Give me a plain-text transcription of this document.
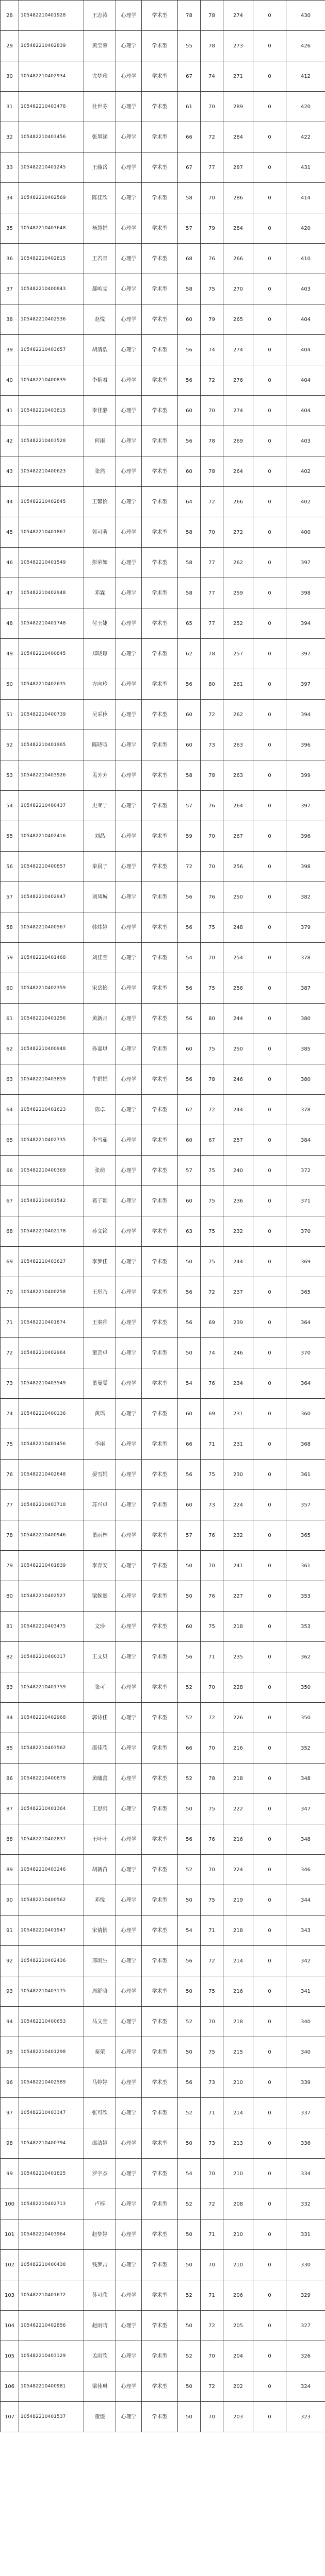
28	105482210401928	王志涛	心理学	学术型	78	78	274	0	430
29	105482210402839	黄宝蓉	心理学	学术型	55	78	273	0	426
30	105482210402934	尤梦雅	心理学	学术型	67	74	271	0	412
31	105482210403478	杜世芬	心理学	学术型	61	70	289	0	420
32	105482210403456	张墨涵	心理学	学术型	66	72	284	0	422
33	105482210401245	王藤岳	心理学	学术型	67	77	287	0	431
34	105482210402569	陈佳欣	心理学	学术型	58	70	286	0	414
35	105482210403648	杨慧娟	心理学	学术型	57	79	284	0	420
36	105482210402815	王若青	心理学	学术型	68	76	266	0	410
37	105482210400843	鄢屿雯	心理学	学术型	58	75	270	0	403
38	105482210402536	赵悦	心理学	学术型	60	79	265	0	404
39	105482210403657	胡清浩	心理学	学术型	56	74	274	0	404
40	105482210400839	李艳君	心理学	学术型	56	72	276	0	404
41	105482210403815	李佳静	心理学	学术型	60	70	274	0	404
42	105482210403528	何雨	心理学	学术型	56	78	269	0	403
43	105482210400623	张然	心理学	学术型	60	78	264	0	402
44	105482210402845	王馨怡	心理学	学术型	64	72	266	0	402
45	105482210401867	郭可萌	心理学	学术型	58	70	272	0	400
46	105482210401549	彭荣如	心理学	学术型	58	77	262	0	397
47	105482210402948	邓霖	心理学	学术型	58	77	259	0	398
48	105482210401748	付玉婕	心理学	学术型	65	77	252	0	394
49	105482210400845	郑晓琼	心理学	学术型	62	78	257	0	397
50	105482210402635	方向玲	心理学	学术型	56	80	261	0	397
51	105482210400739	吴采伶	心理学	学术型	60	72	262	0	394
52	105482210401965	陈晓晗	心理学	学术型	60	73	263	0	396
53	105482210403926	孟芳芳	心理学	学术型	58	78	263	0	399
54	105482210400437	史亚宁	心理学	学术型	57	76	264	0	397
55	105482210402416	刘晶	心理学	学术型	59	70	267	0	396
56	105482210400857	秦晨子	心理学	学术型	72	70	256	0	398
57	105482210402947	刘凤城	心理学	学术型	56	76	250	0	382
58	105482210400567	韩炜婷	心理学	学术型	56	75	248	0	379
59	105482210401468	刘佳莹	心理学	学术型	54	70	254	0	378
60	105482210402359	宋岳怡	心理学	学术型	56	75	256	0	387
61	105482210401256	黄新月	心理学	学术型	56	80	244	0	380
62	105482210400948	孙嘉琪	心理学	学术型	60	75	250	0	385
63	105482210403859	牛娟娟	心理学	学术型	56	78	246	0	380
64	105482210401623	陈卓	心理学	学术型	62	72	244	0	378
65	105482210402735	李雪茹	心理学	学术型	60	67	257	0	384
66	105482210400369	张萌	心理学	学术型	57	75	240	0	372
67	105482210401542	葛子颖	心理学	学术型	60	75	236	0	371
68	105482210402178	孙文铭	心理学	学术型	63	75	232	0	370
69	105482210403627	李梦佳	心理学	学术型	50	75	244	0	369
70	105482210400258	王彤乃	心理学	学术型	56	72	237	0	365
71	105482210401874	王秦雅	心理学	学术型	56	69	239	0	364
72	105482210402964	董芸卓	心理学	学术型	50	74	246	0	370
73	105482210403549	董曼雯	心理学	学术型	54	76	234	0	364
74	105482210400136	黄瑶	心理学	学术型	60	69	231	0	360
75	105482210401456	李雨	心理学	学术型	66	71	231	0	368
76	105482210402648	晏雪娟	心理学	学术型	56	75	230	0	361
77	105482210403718	苏兴卓	心理学	学术型	60	73	224	0	357
78	105482210400946	董雨林	心理学	学术型	57	76	232	0	365
79	105482210401839	李青安	心理学	学术型	50	70	241	0	361
80	105482210402527	梁婉然	心理学	学术型	50	76	227	0	353
81	105482210403475	文珍	心理学	学术型	60	75	218	0	353
82	105482210400317	王文贝	心理学	学术型	56	71	235	0	362
83	105482210401759	张可	心理学	学术型	52	70	228	0	350
84	105482210402968	郭诗佳	心理学	学术型	52	72	226	0	350
85	105482210403562	邵佳欣	心理学	学术型	66	70	216	0	352
86	105482210400879	黄曦蕾	心理学	学术型	52	78	218	0	348
87	105482210401364	王思雨	心理学	学术型	50	75	222	0	347
88	105482210402837	王叶叶	心理学	学术型	56	76	216	0	348
89	105482210403246	胡新苗	心理学	学术型	52	70	224	0	346
90	105482210400562	邓悦	心理学	学术型	50	75	219	0	344
91	105482210401947	宋倩怡	心理学	学术型	54	71	218	0	343
92	105482210402436	邢雨生	心理学	学术型	56	72	214	0	342
93	105482210403175	周舒晗	心理学	学术型	50	75	216	0	341
94	105482210400653	马文萱	心理学	学术型	52	70	218	0	340
95	105482210401298	秦荣	心理学	学术型	50	75	215	0	340
96	105482210402589	马婷婷	心理学	学术型	56	73	210	0	339
97	105482210403347	张可欣	心理学	学术型	52	71	214	0	337
98	105482210400794	邵洁婷	心理学	学术型	50	73	213	0	336
99	105482210401825	罗宇杰	心理学	学术型	54	70	210	0	334
100	105482210402713	卢梓	心理学	学术型	52	72	208	0	332
101	105482210403964	赵梦婷	心理学	学术型	50	71	210	0	331
102	105482210400438	钱梦吉	心理学	学术型	50	70	210	0	330
103	105482210401672	苏可欣	心理学	学术型	52	71	206	0	329
104	105482210402856	赵雨晴	心理学	学术型	50	72	205	0	327
105	105482210403129	孟雨欣	心理学	学术型	52	70	204	0	326
106	105482210400981	梁佳琳	心理学	学术型	50	72	202	0	324
107	105482210401537	董煜	心理学	学术型	50	70	203	0	323
